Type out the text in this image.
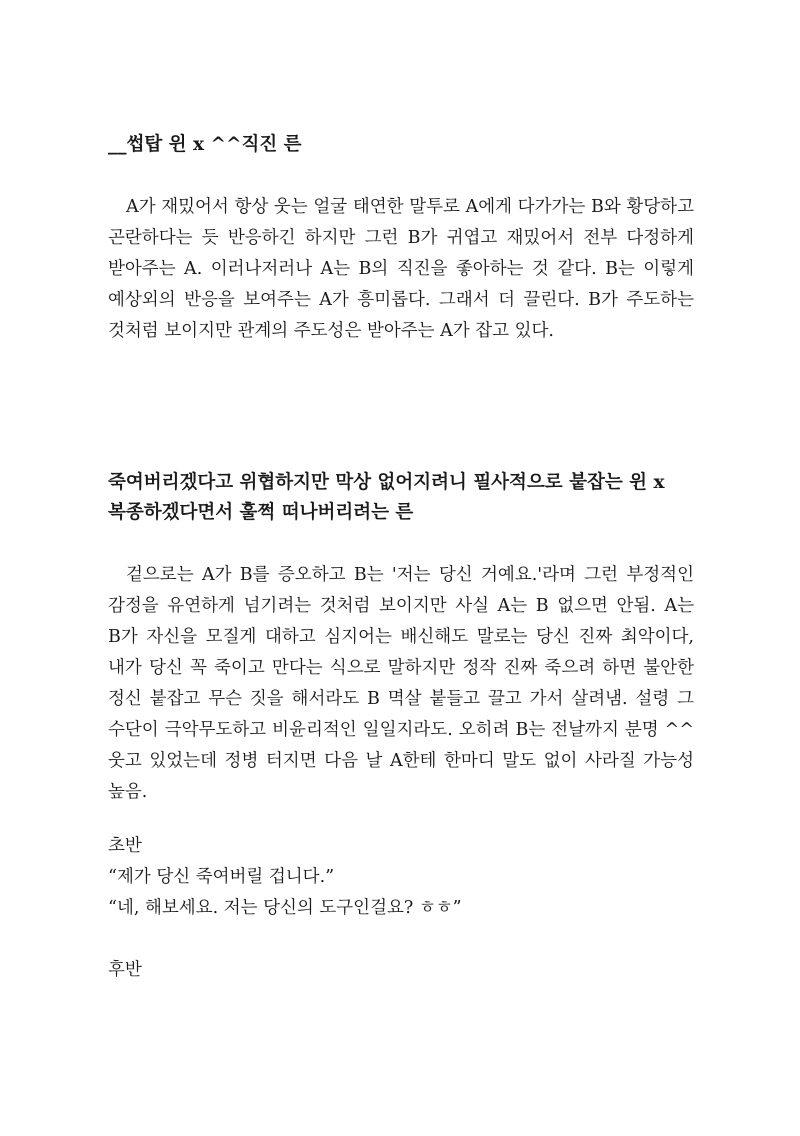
__썹탑 윈 x ^^직진 른

A가 재밌어서 항상 웃는 얼굴 태연한 말투로 A에게 다가가는 B와 황당하고 곤란하다는 듯 반응하긴 하지만 그런 B가 귀엽고 재밌어서 전부 다정하게 받아주는 A. 이러나저러나 A는 B의 직진을 좋아하는 것 같다. B는 이렇게 예상외의 반응을 보여주는 A가 흥미롭다. 그래서 더 끌린다. B가 주도하는 것처럼 보이지만 관계의 주도성은 받아주는 A가 잡고 있다.

죽여버리겠다고 위협하지만 막상 없어지려니 필사적으로 붙잡는 윈 x
복종하겠다면서 훌쩍 떠나버리려는 른

겉으로는 A가 B를 증오하고 B는 '저는 당신 거예요.'라며 그런 부정적인 감정을 유연하게 넘기려는 것처럼 보이지만 사실 A는 B 없으면 안됨. A는 B가 자신을 모질게 대하고 심지어는 배신해도 말로는 당신 진짜 최악이다, 내가 당신 꼭 죽이고 만다는 식으로 말하지만 정작 진짜 죽으려 하면 불안한 정신 붙잡고 무슨 짓을 해서라도 B 멱살 붙들고 끌고 가서 살려냄. 설령 그 수단이 극악무도하고 비윤리적인 일일지라도. 오히려 B는 전날까지 분명 ^^웃고 있었는데 정병 터지면 다음 날 A한테 한마디 말도 없이 사라질 가능성 높음.

초반

“제가 당신 죽여버릴 겁니다.”

“네, 해보세요. 저는 당신의 도구인걸요? ㅎㅎ”

후반
